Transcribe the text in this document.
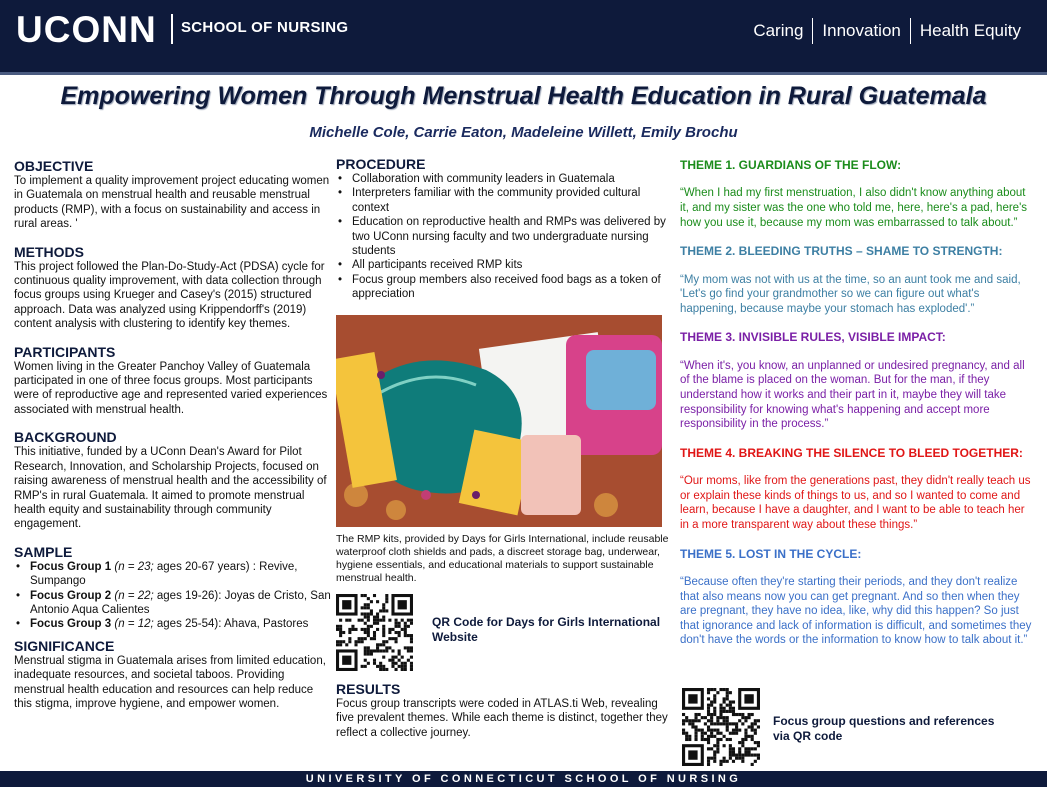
UCONN SCHOOL OF NURSING	Caring Innovation Health Equity
Empowering Women Through Menstrual Health Education in Rural Guatemala
Michelle Cole, Carrie Eaton, Madeleine Willett, Emily Brochu
OBJECTIVE

To implement a quality improvement project educating women in Guatemala on menstrual health and reusable menstrual products (RMP), with a focus on sustainability and access in rural areas. '

METHODS

This project followed the Plan-Do-Study-Act (PDSA) cycle for continuous quality improvement, with data collection through focus groups using Krueger and Casey's (2015) structured approach. Data was analyzed using Krippendorff's (2019) content analysis with clustering to identify key themes.

PARTICIPANTS

Women living in the Greater Panchoy Valley of Guatemala participated in one of three focus groups. Most participants were of reproductive age and represented varied experiences associated with menstrual health.

BACKGROUND

This initiative, funded by a UConn Dean's Award for Pilot Research, Innovation, and Scholarship Projects, focused on raising awareness of menstrual health and the accessibility of RMP's in rural Guatemala. It aimed to promote menstrual health equity and sustainability through community engagement.

SAMPLE
• Focus Group 1 (n = 23; ages 20-67 years) : Revive, Sumpango
• Focus Group 2 (n = 22; ages 19-26): Joyas de Cristo, San Antonio Aqua Calientes
• Focus Group 3 (n = 12; ages 25-54): Ahava, Pastores
SIGNIFICANCE

Menstrual stigma in Guatemala arises from limited education, inadequate resources, and societal taboos. Providing menstrual health education and resources can help reduce this stigma, improve hygiene, and empower women.

PROCEDURE
• Collaboration with community leaders in Guatemala
• Interpreters familiar with the community provided cultural context
• Education on reproductive health and RMPs was delivered by two UConn nursing faculty and two undergraduate nursing students
• All participants received RMP kits
• Focus group members also received food bags as a token of appreciation
The RMP kits, provided by Days for Girls International, include reusable waterproof cloth shields and pads, a discreet storage bag, underwear, hygiene essentials, and educational materials to support sustainable menstrual health.
QR Code for Days for Girls International Website
RESULTS

Focus group transcripts were coded in ATLAS.ti Web, revealing five prevalent themes. While each theme is distinct, together they reflect a collective journey.

THEME 1. GUARDIANS OF THE FLOW:

“When I had my first menstruation, I also didn't know anything about it, and my sister was the one who told me, here, here's a pad, here's how you use it, because my mom was embarrassed to talk about.”

THEME 2. BLEEDING TRUTHS – SHAME TO STRENGTH:

“My mom was not with us at the time, so an aunt took me and said, 'Let's go find your grandmother so we can figure out what's happening, because maybe your stomach has exploded'.”

THEME 3. INVISIBLE RULES, VISIBLE IMPACT:

“When it's, you know, an unplanned or undesired pregnancy, and all of the blame is placed on the woman. But for the man, if they understand how it works and their part in it, maybe they will take responsibility for knowing what's happening and accept more responsibility in the process.”

THEME 4. BREAKING THE SILENCE TO BLEED TOGETHER:

“Our moms, like from the generations past, they didn't really teach us or explain these kinds of things to us, and so I wanted to come and learn, because I have a daughter, and I want to be able to teach her in a more transparent way about these things.”

THEME 5. LOST IN THE CYCLE:

“Because often they're starting their periods, and they don't realize that also means now you can get pregnant. And so then when they are pregnant, they have no idea, like, why did this happen? So just that ignorance and lack of information is difficult, and sometimes they don't have the words or the information to know how to talk about it.”

Focus group questions and references via QR code
UNIVERSITY OF CONNECTICUT SCHOOL OF NURSING
